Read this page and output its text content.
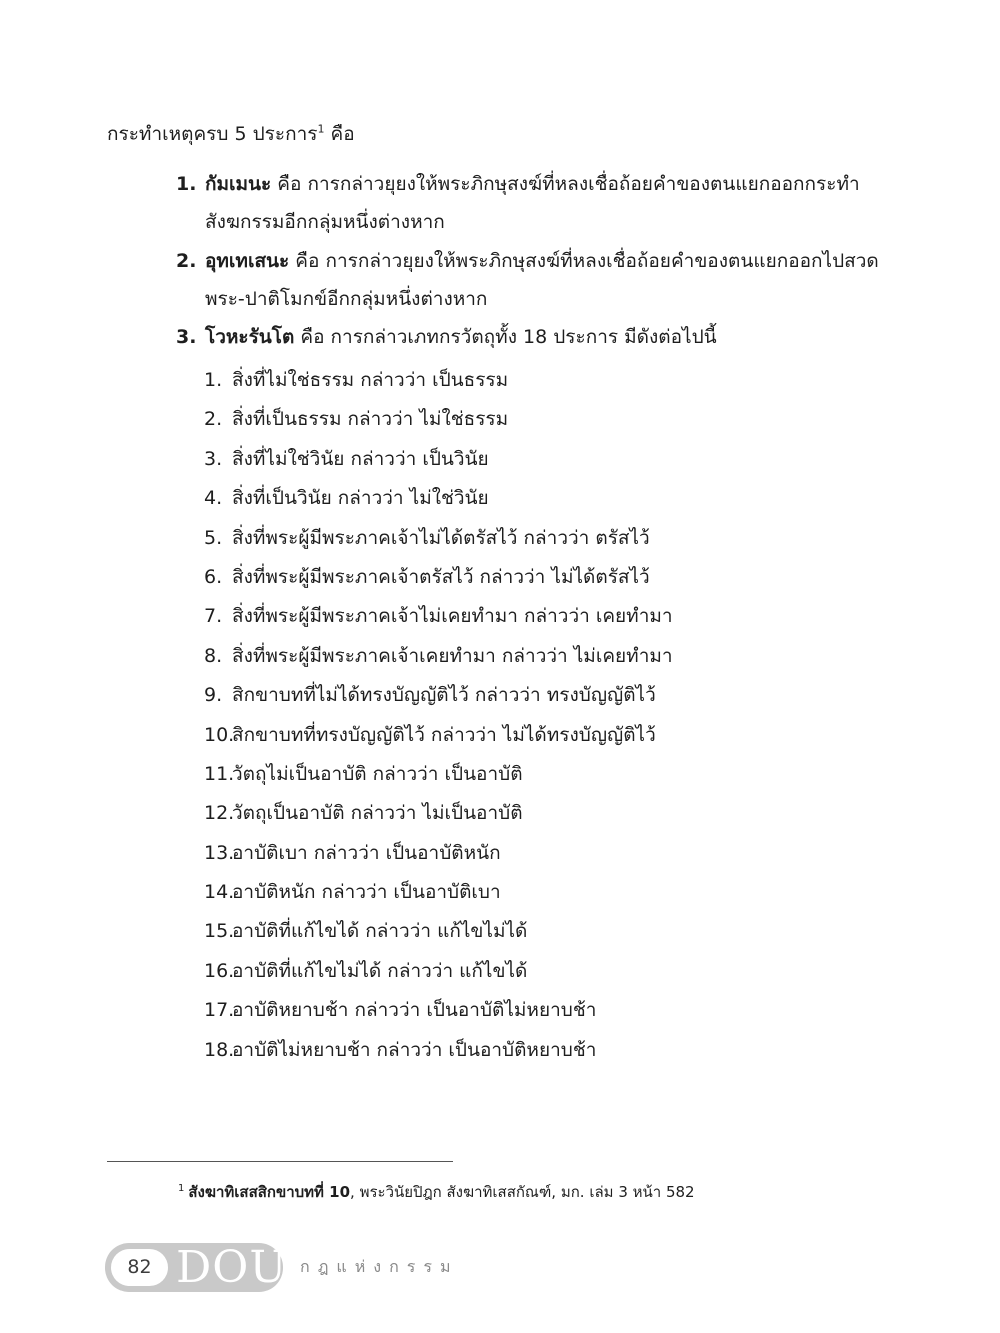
กระทำเหตุครบ 5 ประการ$^1$ คือ
1. กัมเมนะ คือ การกล่าวยุยงให้พระภิกษุสงฆ์ที่หลงเชื่อถ้อยคำของตนแยกออกกระทำสังฆกรรมอีกกลุ่มหนึ่งต่างหาก
2. อุทเทเสนะ คือ การกล่าวยุยงให้พระภิกษุสงฆ์ที่หลงเชื่อถ้อยคำของตนแยกออกไปสวดพระ-ปาติโมกข์อีกกลุ่มหนึ่งต่างหาก
3. โวหะรันโต คือ การกล่าวเภทกรวัตถุทั้ง 18 ประการ มีดังต่อไปนี้
1. สิ่งที่ไม่ใช่ธรรม กล่าวว่า เป็นธรรม
2. สิ่งที่เป็นธรรม กล่าวว่า ไม่ใช่ธรรม
3. สิ่งที่ไม่ใช่วินัย กล่าวว่า เป็นวินัย
4. สิ่งที่เป็นวินัย กล่าวว่า ไม่ใช่วินัย
5. สิ่งที่พระผู้มีพระภาคเจ้าไม่ได้ตรัสไว้ กล่าวว่า ตรัสไว้
6. สิ่งที่พระผู้มีพระภาคเจ้าตรัสไว้ กล่าวว่า ไม่ได้ตรัสไว้
7. สิ่งที่พระผู้มีพระภาคเจ้าไม่เคยทำมา กล่าวว่า เคยทำมา
8. สิ่งที่พระผู้มีพระภาคเจ้าเคยทำมา กล่าวว่า ไม่เคยทำมา
9. สิกขาบทที่ไม่ได้ทรงบัญญัติไว้ กล่าวว่า ทรงบัญญัติไว้
10.สิกขาบทที่ทรงบัญญัติไว้ กล่าวว่า ไม่ได้ทรงบัญญัติไว้
11.วัตถุไม่เป็นอาบัติ กล่าวว่า เป็นอาบัติ
12.วัตถุเป็นอาบัติ กล่าวว่า ไม่เป็นอาบัติ
13.อาบัติเบา กล่าวว่า เป็นอาบัติหนัก
14.อาบัติหนัก กล่าวว่า เป็นอาบัติเบา
15.อาบัติที่แก้ไขได้ กล่าวว่า แก้ไขไม่ได้
16.อาบัติที่แก้ไขไม่ได้ กล่าวว่า แก้ไขได้
17.อาบัติหยาบช้า กล่าวว่า เป็นอาบัติไม่หยาบช้า
18.อาบัติไม่หยาบช้า กล่าวว่า เป็นอาบัติหยาบช้า
$^1$ สังฆาทิเสสสิกขาบทที่ 10, พระวินัยปิฎก สังฆาทิเสสกัณฑ์, มก. เล่ม 3 หน้า 582
82 DOU กฎแห่งกรรม
